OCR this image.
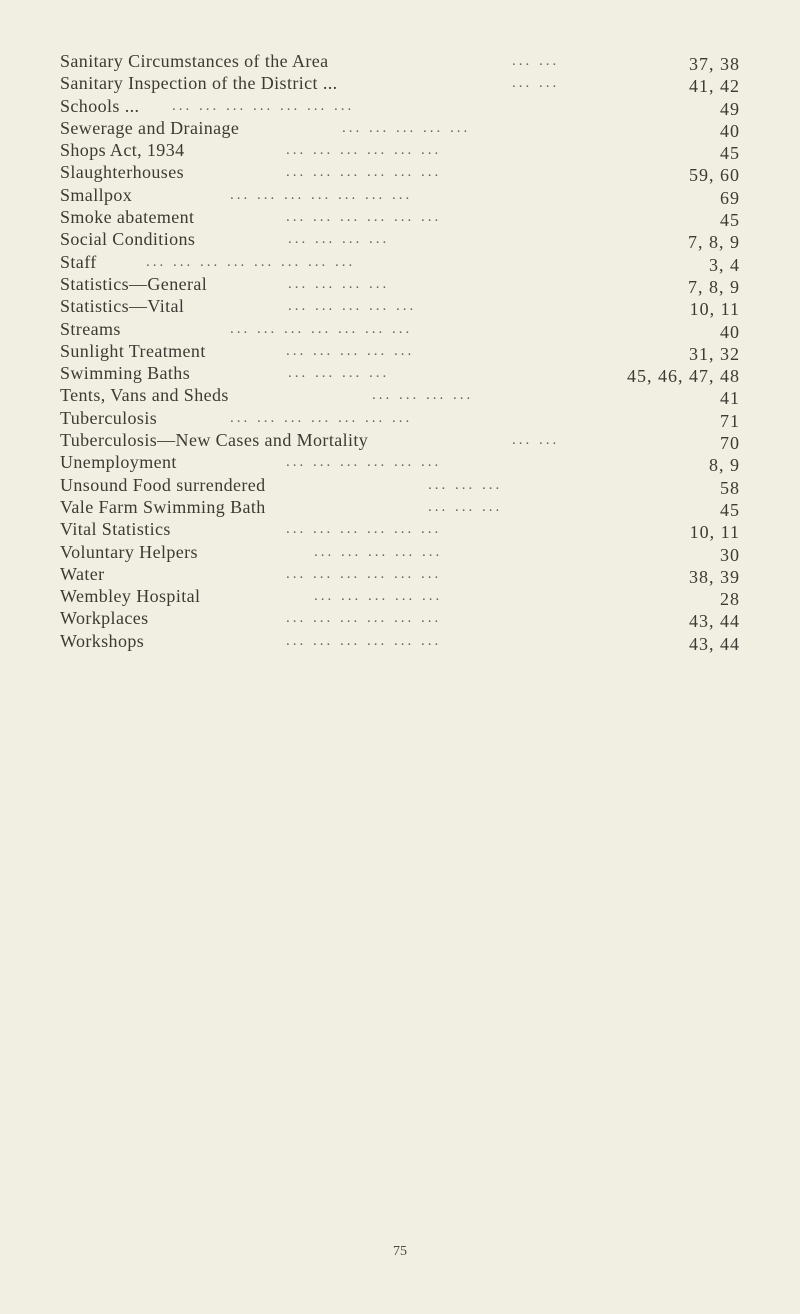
Sanitary Circumstances of the Area	... ...	37, 38
Sanitary Inspection of the District ...	... ...	41, 42
Schools ... ... ... ... ... ... ... ...	49
Sewerage and Drainage	... ... ... ... ...	40
Shops Act, 1934	... ... ... ... ... ...	45
Slaughterhouses	... ... ... ... ... ...	59, 60
Smallpox	... ... ... ... ... ... ...	69
Smoke abatement	... ... ... ... ... ...	45
Social Conditions	... ... ... ...	7, 8, 9
Staff	... ... ... ... ... ... ... ...	3, 4
Statistics—General	... ... ... ...	7, 8, 9
Statistics—Vital	... ... ... ... ...	10, 11
Streams	... ... ... ... ... ... ...	40
Sunlight Treatment	... ... ... ... ...	31, 32
Swimming Baths	... ... ... ...	45, 46, 47, 48
Tents, Vans and Sheds	... ... ... ...	41
Tuberculosis	... ... ... ... ... ... ...	71
Tuberculosis—New Cases and Mortality	... ...	70
Unemployment	... ... ... ... ... ...	8, 9
Unsound Food surrendered	... ... ...	58
Vale Farm Swimming Bath	... ... ...	45
Vital Statistics	... ... ... ... ... ...	10, 11
Voluntary Helpers	... ... ... ... ...	30
Water	... ... ... ... ... ...	38, 39
Wembley Hospital	... ... ... ... ...	28
Workplaces	... ... ... ... ... ...	43, 44
Workshops	... ... ... ... ... ...	43, 44
75
